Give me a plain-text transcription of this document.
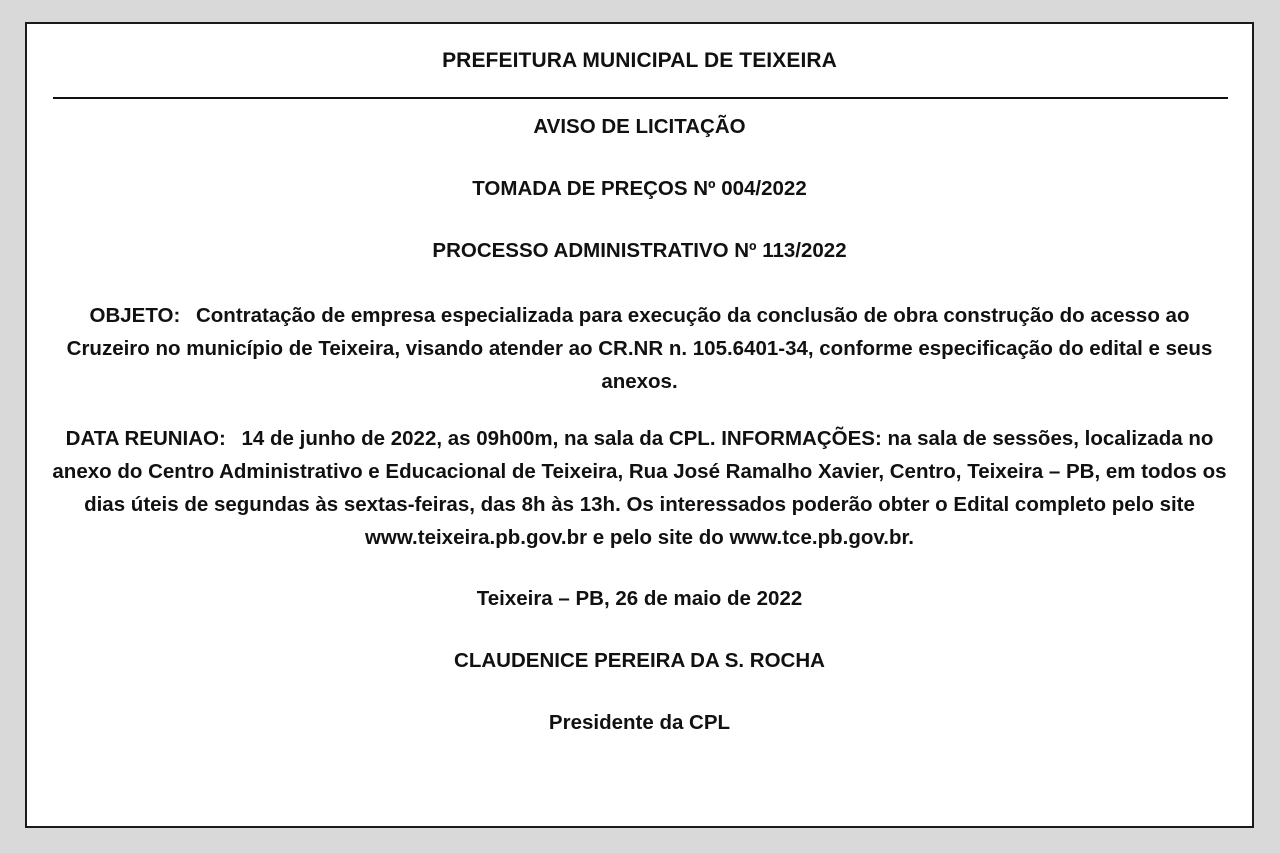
PREFEITURA MUNICIPAL DE TEIXEIRA

AVISO DE LICITAÇÃO

TOMADA DE PREÇOS Nº 004/2022

PROCESSO ADMINISTRATIVO Nº 113/2022

OBJETO: Contratação de empresa especializada para execução da conclusão de obra construção do acesso ao Cruzeiro no município de Teixeira, visando atender ao CR.NR n. 105.6401-34, conforme especificação do edital e seus anexos.

DATA REUNIAO: 14 de junho de 2022, as 09h00m, na sala da CPL. INFORMAÇÕES: na sala de sessões, localizada no anexo do Centro Administrativo e Educacional de Teixeira, Rua José Ramalho Xavier, Centro, Teixeira – PB, em todos os dias úteis de segundas às sextas-feiras, das 8h às 13h. Os interessados poderão obter o Edital completo pelo site www.teixeira.pb.gov.br e pelo site do www.tce.pb.gov.br.

Teixeira – PB, 26 de maio de 2022

CLAUDENICE PEREIRA DA S. ROCHA

Presidente da CPL
